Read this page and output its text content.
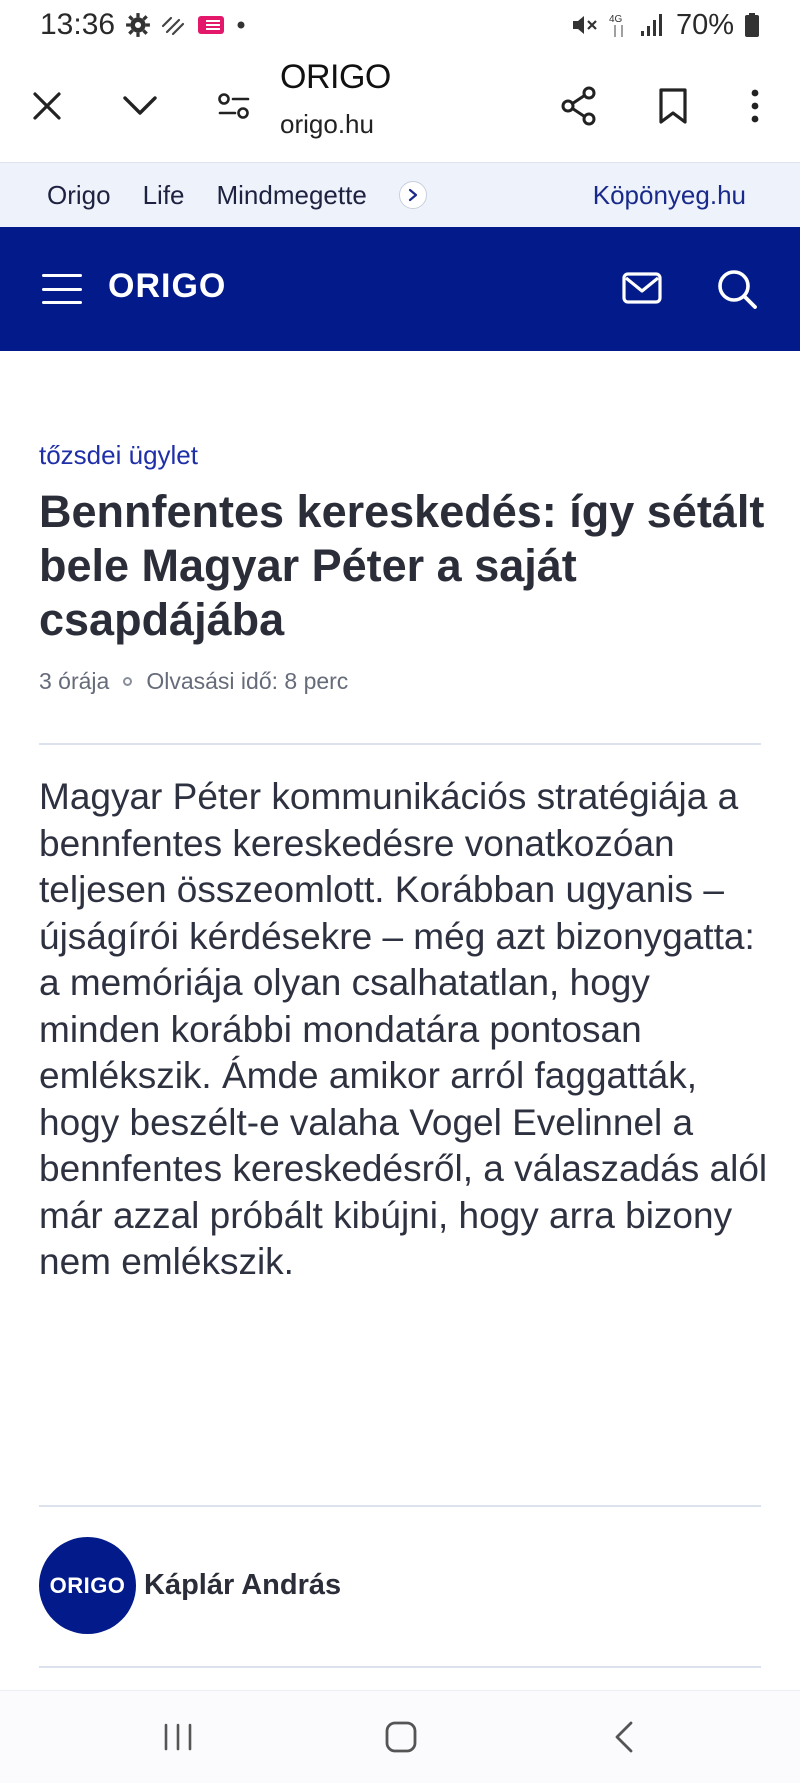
13:36	4G 70%
ORIGO
origo.hu
Origo Life Mindmegette	Köpönyeg.hu
ORIGO
tőzsdei ügylet
Bennfentes kereskedés: így sétált bele Magyar Péter a saját csapdájába
3 órája Olvasási idő: 8 perc

Magyar Péter kommunikációs stratégiája a bennfentes kereskedésre vonatkozóan teljesen összeomlott. Korábban ugyanis – újságírói kérdésekre – még azt bizonygatta: a memóriája olyan csalhatatlan, hogy minden korábbi mondatára pontosan emlékszik. Ámde amikor arról faggatták, hogy beszélt-e valaha Vogel Evelinnel a bennfentes kereskedésről, a válaszadás alól már azzal próbált kibújni, hogy arra bizony nem emlékszik.

ORIGO Káplár András
